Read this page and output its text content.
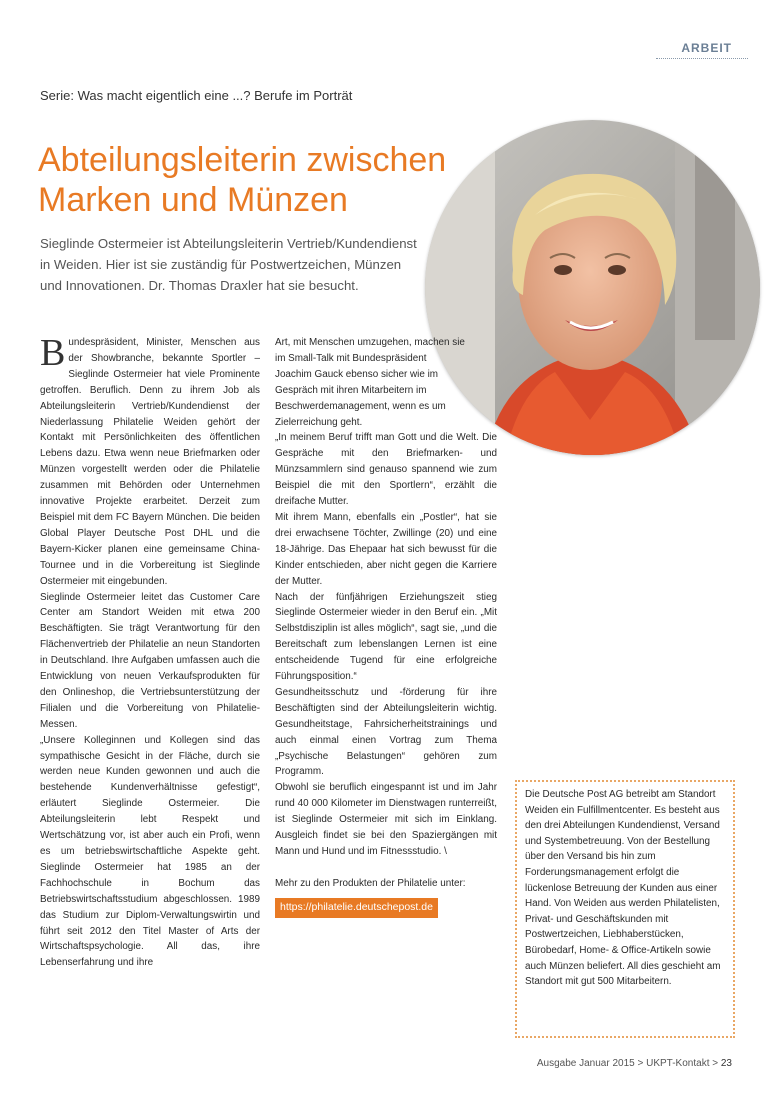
ARBEIT
Serie: Was macht eigentlich eine ...? Berufe im Porträt
Abteilungsleiterin zwischen Marken und Münzen

Sieglinde Ostermeier ist Abteilungsleiterin Vertrieb/Kundendienst in Weiden. Hier ist sie zuständig für Postwertzeichen, Münzen und Innovationen. Dr. Thomas Draxler hat sie besucht.

Bundespräsident, Minister, Menschen aus der Showbranche, bekannte Sportler – Sieglinde Ostermeier hat viele Prominente getroffen. Beruflich. Denn zu ihrem Job als Abteilungsleiterin Vertrieb/Kundendienst der Niederlassung Philatelie Weiden gehört der Kontakt mit Persönlichkeiten des öffentlichen Lebens dazu. Etwa wenn neue Briefmarken oder Münzen vorgestellt werden oder die Philatelie zusammen mit Behörden oder Unternehmen innovative Projekte erarbeitet. Derzeit zum Beispiel mit dem FC Bayern München. Die beiden Global Player Deutsche Post DHL und die Bayern-Kicker planen eine gemeinsame China-Tournee und in die Vorbereitung ist Sieglinde Ostermeier mit eingebunden.

Sieglinde Ostermeier leitet das Customer Care Center am Standort Weiden mit etwa 200 Beschäftigten. Sie trägt Verantwortung für den Flächenvertrieb der Philatelie an neun Standorten in Deutschland. Ihre Aufgaben umfassen auch die Entwicklung von neuen Verkaufsprodukten für den Onlineshop, die Vertriebsunterstützung der Filialen und die Vorbereitung von Philatelie-Messen.

„Unsere Kolleginnen und Kollegen sind das sympathische Gesicht in der Fläche, durch sie werden neue Kunden gewonnen und auch die bestehende Kundenverhältnisse gefestigt“, erläutert Sieglinde Ostermeier. Die Abteilungsleiterin lebt Respekt und Wertschätzung vor, ist aber auch ein Profi, wenn es um betriebswirtschaftliche Aspekte geht. Sieglinde Ostermeier hat 1985 an der Fachhochschule in Bochum das Betriebswirtschaftsstudium abgeschlossen. 1989 das Studium zur Diplom-Verwaltungswirtin und führt seit 2012 den Titel Master of Arts der Wirtschaftspsychologie. All das, ihre Lebenserfahrung und ihre

Art, mit Menschen umzugehen, machen sie im Small-Talk mit Bundespräsident Joachim Gauck ebenso sicher wie im Gespräch mit ihren Mitarbeitern im Beschwerdemanagement, wenn es um Zielerreichung geht.

„In meinem Beruf trifft man Gott und die Welt. Die Gespräche mit den Briefmarken- und Münzsammlern sind genauso spannend wie zum Beispiel die mit den Sportlern“, erzählt die dreifache Mutter.

Mit ihrem Mann, ebenfalls ein „Postler“, hat sie drei erwachsene Töchter, Zwillinge (20) und eine 18-Jährige. Das Ehepaar hat sich bewusst für die Kinder entschieden, aber nicht gegen die Karriere der Mutter.

Nach der fünfjährigen Erziehungszeit stieg Sieglinde Ostermeier wieder in den Beruf ein. „Mit Selbstdisziplin ist alles möglich“, sagt sie, „und die Bereitschaft zum lebenslangen Lernen ist eine entscheidende Tugend für eine erfolgreiche Führungsposition.“

Gesundheitsschutz und -förderung für ihre Beschäftigten sind der Abteilungsleiterin wichtig. Gesundheitstage, Fahrsicherheitstrainings und auch einmal einen Vortrag zum Thema „Psychische Belastungen“ gehören zum Programm.

Obwohl sie beruflich eingespannt ist und im Jahr rund 40 000 Kilometer im Dienstwagen runterreißt, ist Sieglinde Ostermeier mit sich im Einklang. Ausgleich findet sie bei den Spaziergängen mit Mann und Hund und im Fitnessstudio. \

Mehr zu den Produkten der Philatelie unter:

https://philatelie.deutschepost.de
Die Deutsche Post AG betreibt am Standort Weiden ein Fulfillmentcenter. Es besteht aus den drei Abteilungen Kundendienst, Versand und Systembetreuung. Von der Bestellung über den Versand bis hin zum Forderungsmanagement erfolgt die lückenlose Betreuung der Kunden aus einer Hand. Von Weiden aus werden Philatelisten, Privat- und Geschäftskunden mit Postwertzeichen, Liebhaberstücken, Bürobedarf, Home- & Office-Artikeln sowie auch Münzen beliefert. All dies geschieht am Standort mit gut 500 Mitarbeitern.
Ausgabe Januar 2015 > UKPT-Kontakt > 23
